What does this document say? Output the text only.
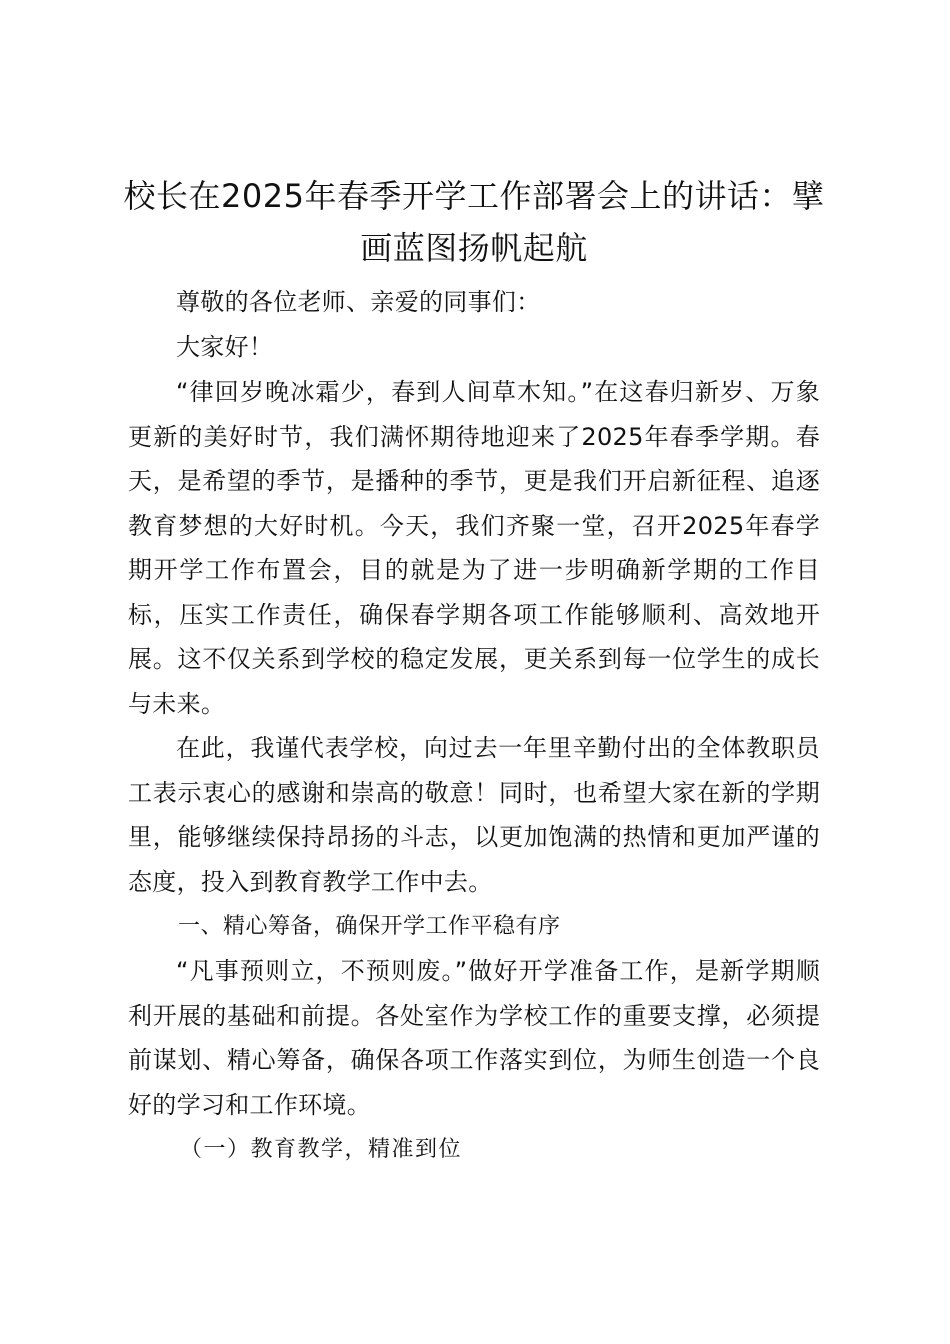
校长在2025年春季开学工作部署会上的讲话：擘画蓝图扬帆起航

尊敬的各位老师、亲爱的同事们：

大家好！

“律回岁晚冰霜少，春到人间草木知。”在这春归新岁、万象更新的美好时节，我们满怀期待地迎来了2025年春季学期。春天，是希望的季节，是播种的季节，更是我们开启新征程、追逐教育梦想的大好时机。今天，我们齐聚一堂，召开2025年春学期开学工作布置会，目的就是为了进一步明确新学期的工作目标，压实工作责任，确保春学期各项工作能够顺利、高效地开展。这不仅关系到学校的稳定发展，更关系到每一位学生的成长与未来。

在此，我谨代表学校，向过去一年里辛勤付出的全体教职员工表示衷心的感谢和崇高的敬意！同时，也希望大家在新的学期里，能够继续保持昂扬的斗志，以更加饱满的热情和更加严谨的态度，投入到教育教学工作中去。

一、精心筹备，确保开学工作平稳有序

“凡事预则立，不预则废。”做好开学准备工作，是新学期顺利开展的基础和前提。各处室作为学校工作的重要支撑，必须提前谋划、精心筹备，确保各项工作落实到位，为师生创造一个良好的学习和工作环境。

（一）教育教学，精准到位
